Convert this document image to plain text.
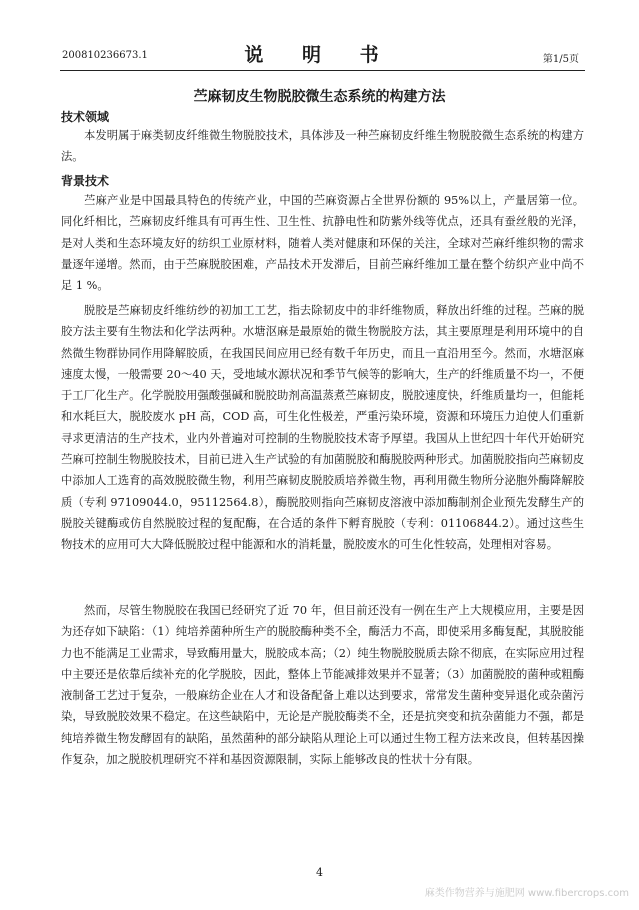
200810236673.1	说 明 书	第1/5页
苎麻韧皮生物脱胶微生态系统的构建方法
技术领域

本发明属于麻类韧皮纤维微生物脱胶技术，具体涉及一种苎麻韧皮纤维生物脱胶微生态系统的构建方法。

背景技术

苎麻产业是中国最具特色的传统产业，中国的苎麻资源占全世界份额的 95%以上，产量居第一位。同化纤相比，苎麻韧皮纤维具有可再生性、卫生性、抗静电性和防紫外线等优点，还具有蚕丝般的光泽，是对人类和生态环境友好的纺织工业原材料，随着人类对健康和环保的关注，全球对苎麻纤维织物的需求量逐年递增。然而，由于苎麻脱胶困难，产品技术开发滞后，目前苎麻纤维加工量在整个纺织产业中尚不足 1 %。

脱胶是苎麻韧皮纤维纺纱的初加工工艺，指去除韧皮中的非纤维物质，释放出纤维的过程。苎麻的脱胶方法主要有生物法和化学法两种。水塘沤麻是最原始的微生物脱胶方法，其主要原理是利用环境中的自然微生物群协同作用降解胶质，在我国民间应用已经有数千年历史，而且一直沿用至今。然而，水塘沤麻速度太慢，一般需要 20～40 天，受地域水源状况和季节气候等的影响大，生产的纤维质量不均一，不便于工厂化生产。化学脱胶用强酸强碱和脱胶助剂高温蒸煮苎麻韧皮，脱胶速度快，纤维质量均一，但能耗和水耗巨大，脱胶废水 pH 高，COD 高，可生化性极差，严重污染环境，资源和环境压力迫使人们重新寻求更清洁的生产技术，业内外普遍对可控制的生物脱胶技术寄予厚望。我国从上世纪四十年代开始研究苎麻可控制生物脱胶技术，目前已进入生产试验的有加菌脱胶和酶脱胶两种形式。加菌脱胶指向苎麻韧皮中添加人工选育的高效脱胶微生物，利用苎麻韧皮脱胶质培养微生物，再利用微生物所分泌胞外酶降解胶质（专利 97109044.0，95112564.8），酶脱胶则指向苎麻韧皮溶液中添加酶制剂企业预先发酵生产的脱胶关键酶或仿自然脱胶过程的复配酶，在合适的条件下孵育脱胶（专利：01106844.2）。通过这些生物技术的应用可大大降低脱胶过程中能源和水的消耗量，脱胶废水的可生化性较高，处理相对容易。

然而，尽管生物脱胶在我国已经研究了近 70 年，但目前还没有一例在生产上大规模应用，主要是因为还存如下缺陷：（1）纯培养菌种所生产的脱胶酶种类不全，酶活力不高，即使采用多酶复配，其脱胶能力也不能满足工业需求，导致酶用量大，脱胶成本高；（2）纯生物脱胶脱质去除不彻底，在实际应用过程中主要还是依靠后续补充的化学脱胶，因此，整体上节能减排效果并不显著；（3）加菌脱胶的菌种或粗酶液制备工艺过于复杂，一般麻纺企业在人才和设备配备上难以达到要求，常常发生菌种变异退化或杂菌污染，导致脱胶效果不稳定。在这些缺陷中，无论是产脱胶酶类不全，还是抗突变和抗杂菌能力不强，都是纯培养微生物发酵固有的缺陷，虽然菌种的部分缺陷从理论上可以通过生物工程方法来改良，但转基因操作复杂，加之脱胶机理研究不祥和基因资源限制，实际上能够改良的性状十分有限。

4
麻类作物营养与施肥网 www.fibercrops.com
